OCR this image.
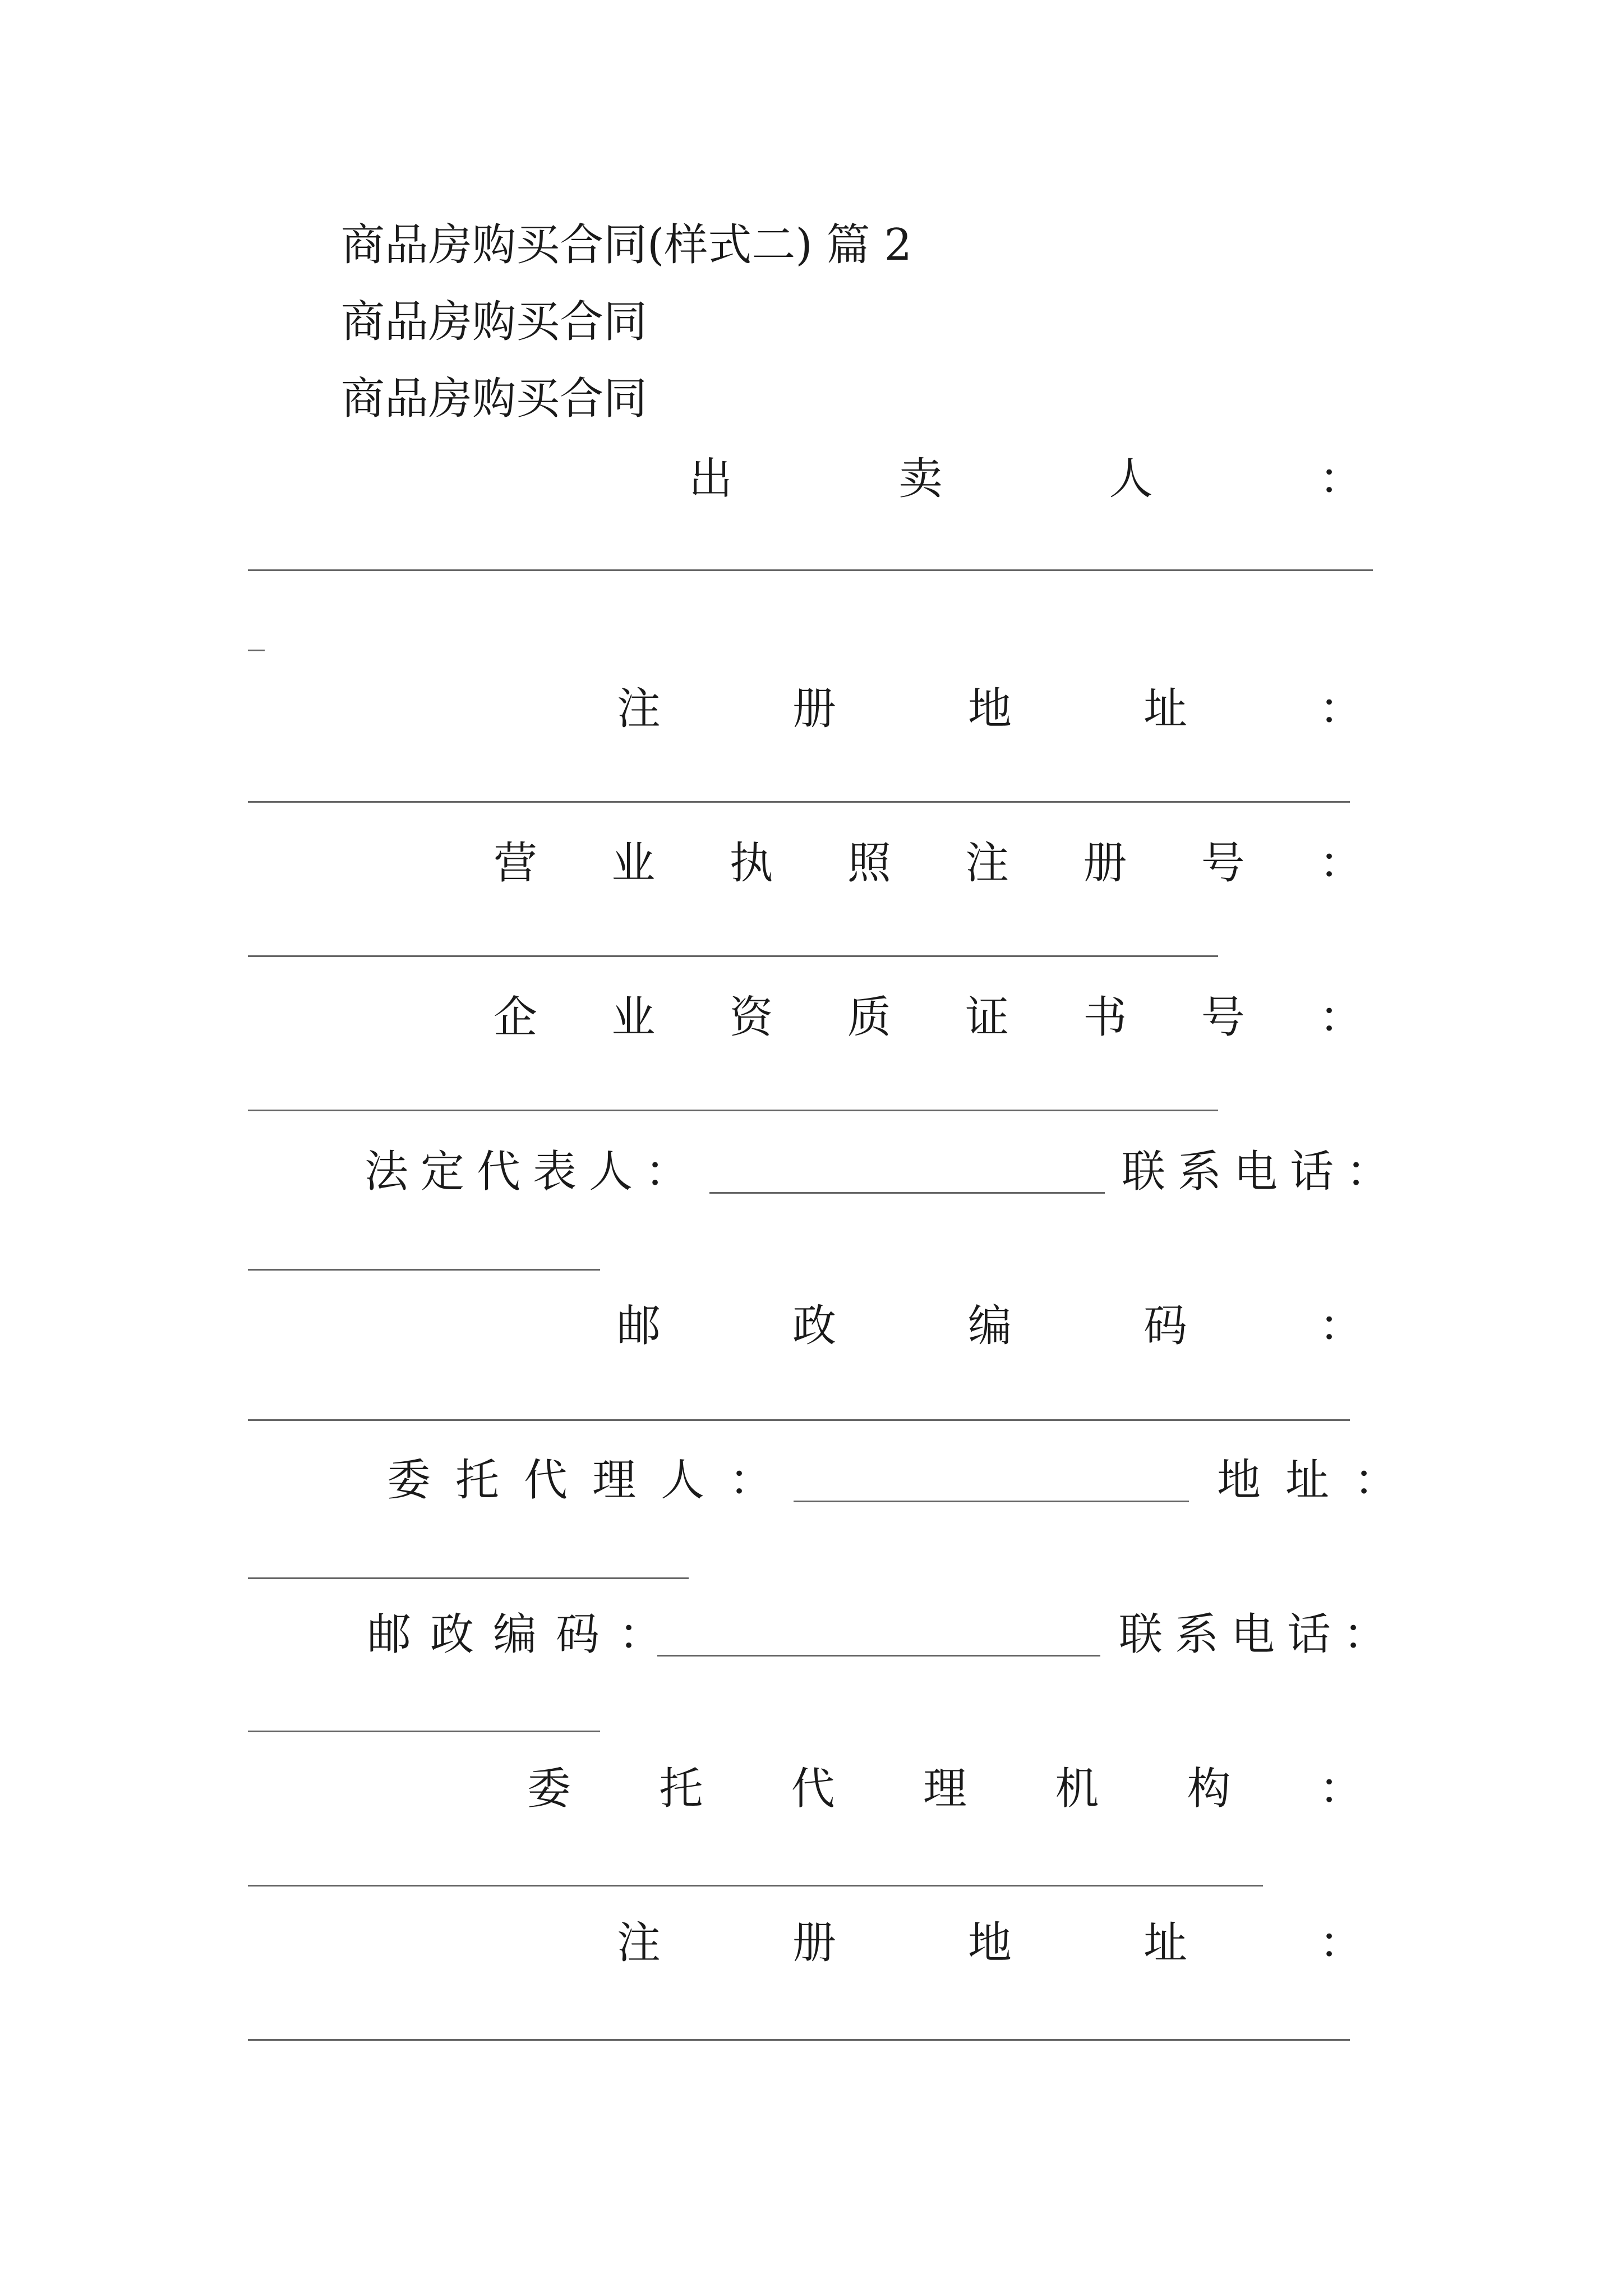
商品房购买合同(样式二) 篇 2
商品房购买合同
商品房购买合同
出	卖	人	：
注	册	地	址	：
营 业 执 照 注 册 号 ：
企 业 资 质 证 书 号 ：
法定代表人：	联系电话：
邮	政	编	码	：
委托代理人：	地址：
邮政编码：	联系电话：
委 托 代 理 机 构 ：
注	册	地	址	：
